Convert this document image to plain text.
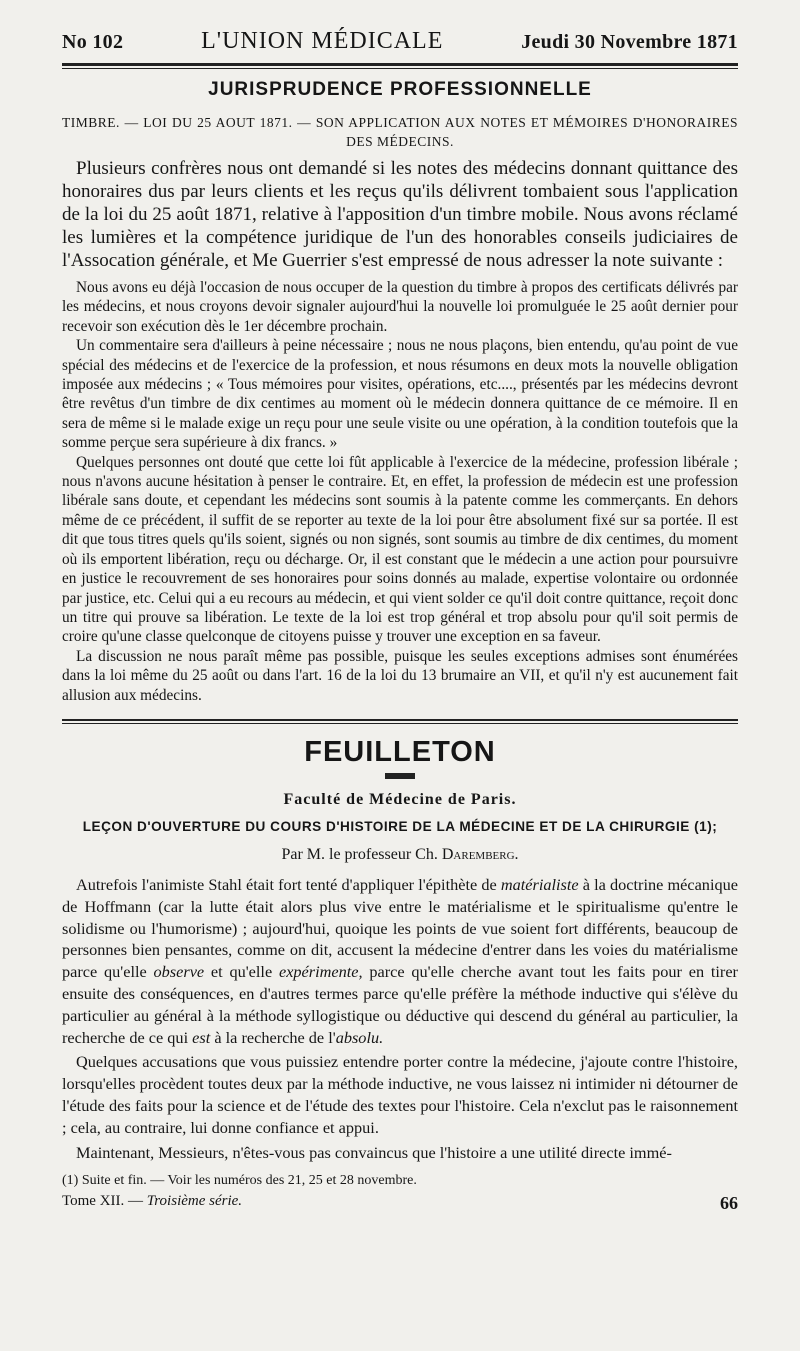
No 102	L'UNION MÉDICALE	Jeudi 30 Novembre 1871
JURISPRUDENCE PROFESSIONNELLE
TIMBRE. — LOI DU 25 AOUT 1871. — SON APPLICATION AUX NOTES ET MÉMOIRES D'HONORAIRES DES MÉDECINS.

Plusieurs confrères nous ont demandé si les notes des médecins donnant quittance des honoraires dus par leurs clients et les reçus qu'ils délivrent tombaient sous l'application de la loi du 25 août 1871, relative à l'apposition d'un timbre mobile. Nous avons réclamé les lumières et la compétence juridique de l'un des honorables conseils judiciaires de l'Assocation générale, et Me Guerrier s'est empressé de nous adresser la note suivante :

Nous avons eu déjà l'occasion de nous occuper de la question du timbre à propos des certificats délivrés par les médecins, et nous croyons devoir signaler aujourd'hui la nouvelle loi promulguée le 25 août dernier pour recevoir son exécution dès le 1er décembre prochain.

Un commentaire sera d'ailleurs à peine nécessaire ; nous ne nous plaçons, bien entendu, qu'au point de vue spécial des médecins et de l'exercice de la profession, et nous résumons en deux mots la nouvelle obligation imposée aux médecins ; « Tous mémoires pour visites, opérations, etc...., présentés par les médecins devront être revêtus d'un timbre de dix centimes au moment où le médecin donnera quittance de ce mémoire. Il en sera de même si le malade exige un reçu pour une seule visite ou une opération, à la condition toutefois que la somme perçue sera supérieure à dix francs. »

Quelques personnes ont douté que cette loi fût applicable à l'exercice de la médecine, profession libérale ; nous n'avons aucune hésitation à penser le contraire. Et, en effet, la profession de médecin est une profession libérale sans doute, et cependant les médecins sont soumis à la patente comme les commerçants. En dehors même de ce précédent, il suffit de se reporter au texte de la loi pour être absolument fixé sur sa portée. Il est dit que tous titres quels qu'ils soient, signés ou non signés, sont soumis au timbre de dix centimes, du moment où ils emportent libération, reçu ou décharge. Or, il est constant que le médecin a une action pour poursuivre en justice le recouvrement de ses honoraires pour soins donnés au malade, expertise volontaire ou ordonnée par justice, etc. Celui qui a eu recours au médecin, et qui vient solder ce qu'il doit contre quittance, reçoit donc un titre qui prouve sa libération. Le texte de la loi est trop général et trop absolu pour qu'il soit permis de croire qu'une classe quelconque de citoyens puisse y trouver une exception en sa faveur.

La discussion ne nous paraît même pas possible, puisque les seules exceptions admises sont énumérées dans la loi même du 25 août ou dans l'art. 16 de la loi du 13 brumaire an VII, et qu'il n'y est aucunement fait allusion aux médecins.

FEUILLETON
Faculté de Médecine de Paris.
LEÇON D'OUVERTURE DU COURS D'HISTOIRE DE LA MÉDECINE ET DE LA CHIRURGIE (1);
Par M. le professeur Ch. Daremberg.

Autrefois l'animiste Stahl était fort tenté d'appliquer l'épithète de matérialiste à la doctrine mécanique de Hoffmann (car la lutte était alors plus vive entre le matérialisme et le spiritualisme qu'entre le solidisme ou l'humorisme) ; aujourd'hui, quoique les points de vue soient fort différents, beaucoup de personnes bien pensantes, comme on dit, accusent la médecine d'entrer dans les voies du matérialisme parce qu'elle observe et qu'elle expérimente, parce qu'elle cherche avant tout les faits pour en tirer ensuite des conséquences, en d'autres termes parce qu'elle préfère la méthode inductive qui s'élève du particulier au général à la méthode syllogistique ou déductive qui descend du général au particulier, la recherche de ce qui est à la recherche de l'absolu.

Quelques accusations que vous puissiez entendre porter contre la médecine, j'ajoute contre l'histoire, lorsqu'elles procèdent toutes deux par la méthode inductive, ne vous laissez ni intimider ni détourner de l'étude des faits pour la science et de l'étude des textes pour l'histoire. Cela n'exclut pas le raisonnement ; cela, au contraire, lui donne confiance et appui.

Maintenant, Messieurs, n'êtes-vous pas convaincus que l'histoire a une utilité directe immé-

(1) Suite et fin. — Voir les numéros des 21, 25 et 28 novembre.
Tome XII. — Troisième série.	66
